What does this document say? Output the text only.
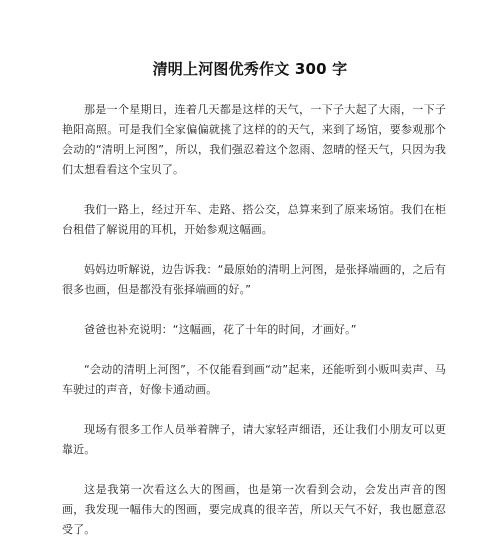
清明上河图优秀作文 300 字

那是一个星期日，连着几天都是这样的天气，一下子大起了大雨，一下子艳阳高照。可是我们全家偏偏就挑了这样的的天气，来到了场馆，要参观那个会动的“清明上河图”，所以，我们强忍着这个忽雨、忽晴的怪天气，只因为我们太想看看这个宝贝了。

我们一路上，经过开车、走路、搭公交，总算来到了原来场馆。我们在柜台租借了解说用的耳机，开始参观这幅画。

妈妈边听解说，边告诉我：“最原始的清明上河图，是张择端画的，之后有很多也画，但是都没有张择端画的好。”

爸爸也补充说明：“这幅画，花了十年的时间，才画好。”

“会动的清明上河图”，不仅能看到画“动”起来，还能听到小贩叫卖声、马车驶过的声音，好像卡通动画。

现场有很多工作人员举着牌子，请大家轻声细语，还让我们小朋友可以更靠近。

这是我第一次看这么大的图画，也是第一次看到会动，会发出声音的图画，我发现一幅伟大的图画，要完成真的很辛苦，所以天气不好，我也愿意忍受了。
